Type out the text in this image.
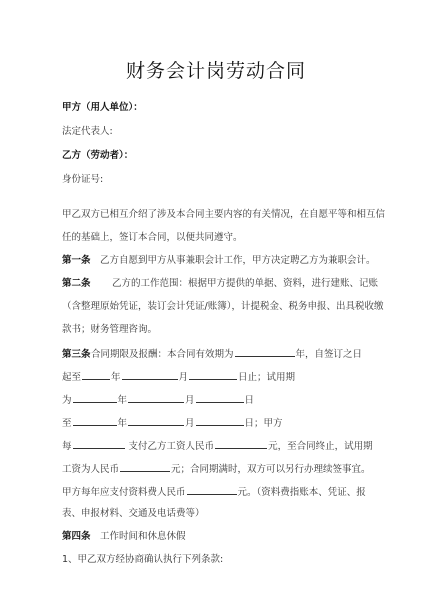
财务会计岗劳动合同
甲方（用人单位）：
法定代表人:
乙方（劳动者）：
身份证号:
甲乙双方已相互介绍了涉及本合同主要内容的有关情况，在自愿平等和相互信
任的基础上，签订本合同，以便共同遵守。
第一条 乙方自愿到甲方从事兼职会计工作，甲方决定聘乙方为兼职会计。
第二条 乙方的工作范围：根据甲方提供的单据、资料，进行建账、记账
（含整理原始凭证，装订会计凭证/账簿），计提税金、税务申报、出具税收缴
款书；财务管理咨询。
第三条合同期限及报酬：本合同有效期为	年，自签订之日
起至	年	月	日止；试用期
为	年	月	日
至	年	月	日；甲方
每	支付乙方工资人民币	元，至合同终止，试用期
工资为人民币	元；合同期满时，双方可以另行办理续签事宜。
甲方每年应支付资料费人民币	元。（资料费指账本、凭证、报
表、申报材料、交通及电话费等）
第四条 工作时间和休息休假
1、甲乙双方经协商确认执行下列条款:
